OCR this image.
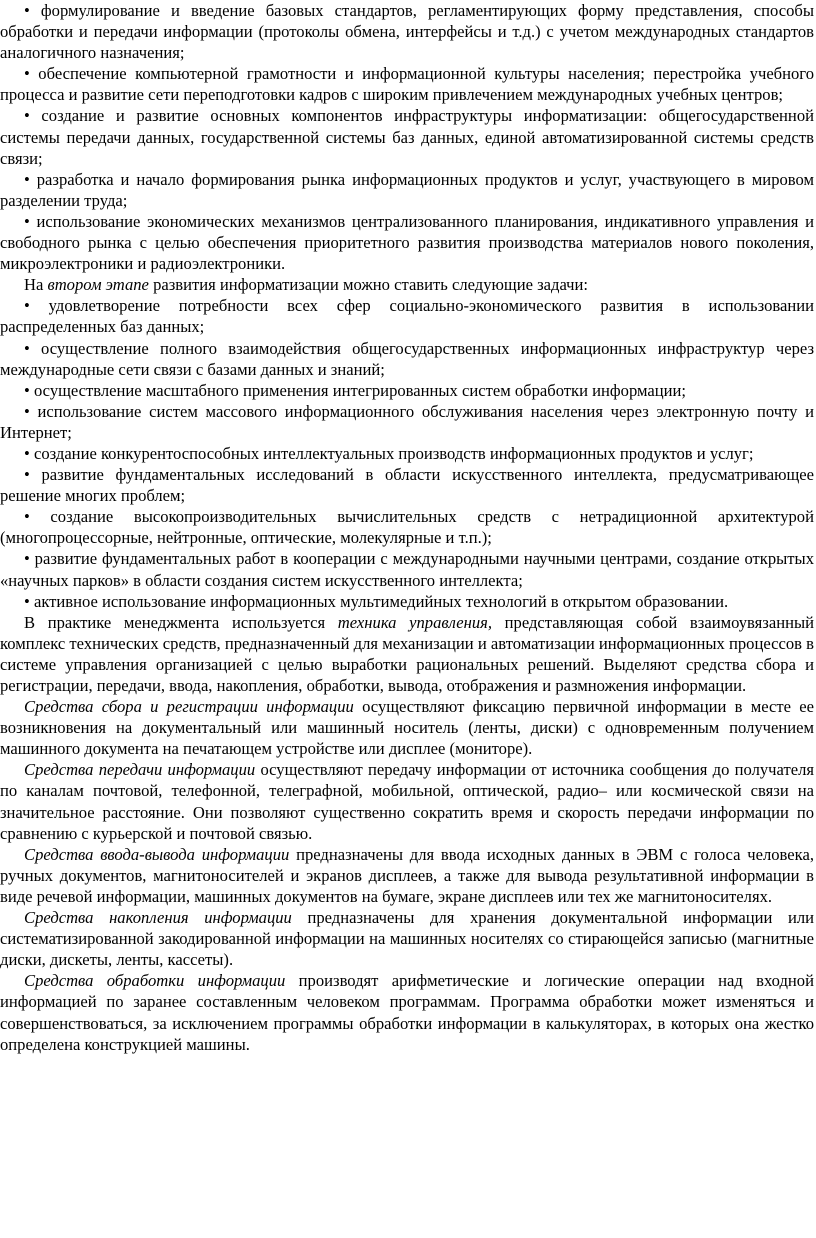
• формулирование и введение базовых стандартов, регламентирующих форму представления, способы обработки и передачи информации (протоколы обмена, интерфейсы и т.д.) с учетом международных стандартов аналогичного назначения;

• обеспечение компьютерной грамотности и информационной культуры населения; перестройка учебного процесса и развитие сети переподготовки кадров с широким привлечением международных учебных центров;

• создание и развитие основных компонентов инфраструктуры информатизации: общегосударственной системы передачи данных, государственной системы баз данных, единой автоматизированной системы средств связи;

• разработка и начало формирования рынка информационных продуктов и услуг, участвующего в мировом разделении труда;

• использование экономических механизмов централизованного планирования, индикативного управления и свободного рынка с целью обеспечения приоритетного развития производства материалов нового поколения, микроэлектроники и радиоэлектроники.

На втором этапе развития информатизации можно ставить следующие задачи:

• удовлетворение потребности всех сфер социально-экономического развития в использовании распределенных баз данных;

• осуществление полного взаимодействия общегосударственных информационных инфраструктур через международные сети связи с базами данных и знаний;

• осуществление масштабного применения интегрированных систем обработки информации;

• использование систем массового информационного обслуживания населения через электронную почту и Интернет;

• создание конкурентоспособных интеллектуальных производств информационных продуктов и услуг;

• развитие фундаментальных исследований в области искусственного интеллекта, предусматривающее решение многих проблем;

• создание высокопроизводительных вычислительных средств с нетрадиционной архитектурой (многопроцессорные, нейтронные, оптические, молекулярные и т.п.);

• развитие фундаментальных работ в кооперации с международными научными центрами, создание открытых «научных парков» в области создания систем искусственного интеллекта;

• активное использование информационных мультимедийных технологий в открытом образовании.

В практике менеджмента используется техника управления, представляющая собой взаимоувязанный комплекс технических средств, предназначенный для механизации и автоматизации информационных процессов в системе управления организацией с целью выработки рациональных решений. Выделяют средства сбора и регистрации, передачи, ввода, накопления, обработки, вывода, отображения и размножения информации.

Средства сбора и регистрации информации осуществляют фиксацию первичной информации в месте ее возникновения на документальный или машинный носитель (ленты, диски) с одновременным получением машинного документа на печатающем устройстве или дисплее (мониторе).

Средства передачи информации осуществляют передачу информации от источника сообщения до получателя по каналам почтовой, телефонной, телеграфной, мобильной, оптической, радио– или космической связи на значительное расстояние. Они позволяют существенно сократить время и скорость передачи информации по сравнению с курьерской и почтовой связью.

Средства ввода-вывода информации предназначены для ввода исходных данных в ЭВМ с голоса человека, ручных документов, магнитоносителей и экранов дисплеев, а также для вывода результативной информации в виде речевой информации, машинных документов на бумаге, экране дисплеев или тех же магнитоносителях.

Средства накопления информации предназначены для хранения документальной информации или систематизированной закодированной информации на машинных носителях со стирающейся записью (магнитные диски, дискеты, ленты, кассеты).

Средства обработки информации производят арифметические и логические операции над входной информацией по заранее составленным человеком программам. Программа обработки может изменяться и совершенствоваться, за исключением программы обработки информации в калькуляторах, в которых она жестко определена конструкцией машины.
